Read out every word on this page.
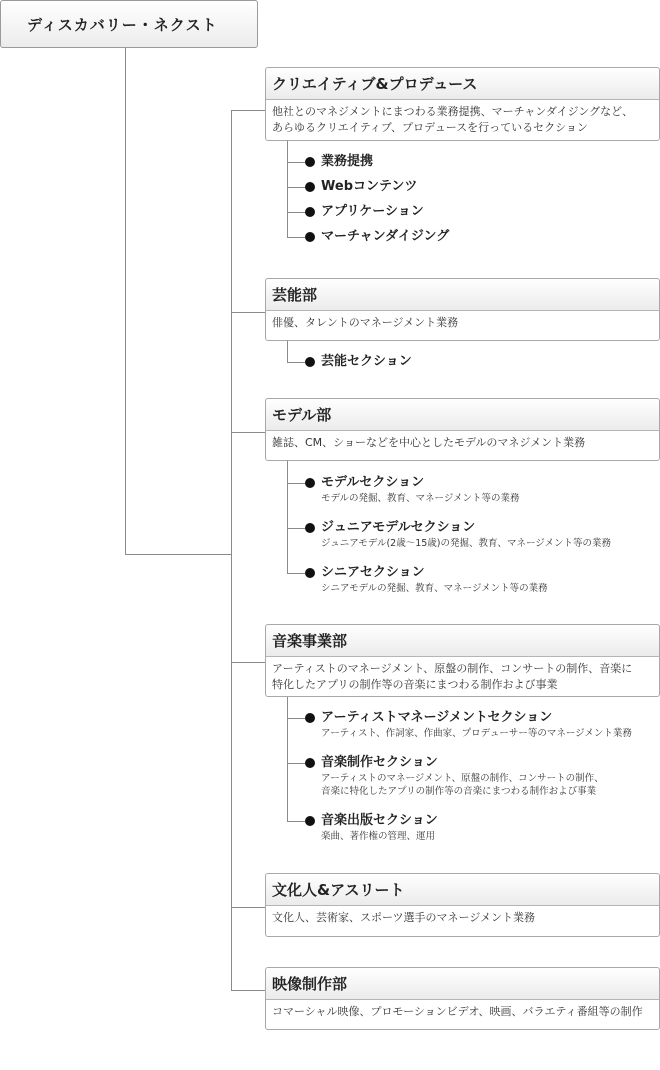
ディスカバリー・ネクスト
クリエイティブ&プロデュース
他社とのマネジメントにまつわる業務提携、マーチャンダイジングなど、
あらゆるクリエイティブ、プロデュースを行っているセクション
業務提携
Webコンテンツ
アプリケーション
マーチャンダイジング
芸能部
俳優、タレントのマネージメント業務
芸能セクション
モデル部
雑誌、CM、ショーなどを中心としたモデルのマネジメント業務
モデルセクション
モデルの発掘、教育、マネージメント等の業務
ジュニアモデルセクション
ジュニアモデル(2歳〜15歳)の発掘、教育、マネージメント等の業務
シニアセクション
シニアモデルの発掘、教育、マネージメント等の業務
音楽事業部
アーティストのマネージメント、原盤の制作、コンサートの制作、音楽に
特化したアプリの制作等の音楽にまつわる制作および事業
アーティストマネージメントセクション
アーティスト、作詞家、作曲家、プロデューサー等のマネージメント業務
音楽制作セクション
アーティストのマネージメント、原盤の制作、コンサートの制作、
音楽に特化したアプリの制作等の音楽にまつわる制作および事業
音楽出版セクション
楽曲、著作権の管理、運用
文化人&アスリート
文化人、芸術家、スポーツ選手のマネージメント業務
映像制作部
コマーシャル映像、プロモーションビデオ、映画、バラエティ番組等の制作
